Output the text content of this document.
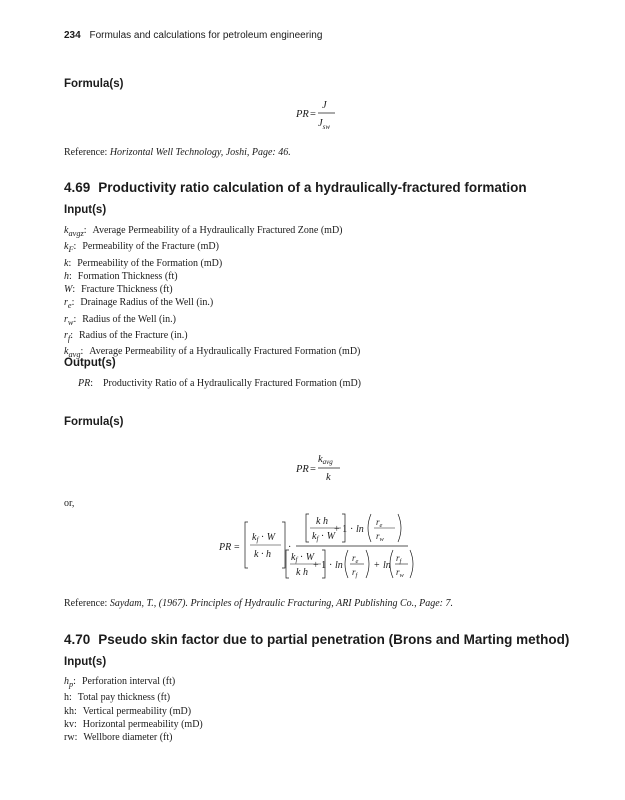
234 Formulas and calculations for petroleum engineering
Formula(s)
PR =
J
$J_{sw}$
Reference: Horizontal Well Technology, Joshi, Page: 46.
4.69 Productivity ratio calculation of a hydraulically-fractured formation
Input(s)
$k_{avgz}$: Average Permeability of a Hydraulically Fractured Zone (mD)
$k_F$: Permeability of the Fracture (mD)
k: Permeability of the Formation (mD)
h: Formation Thickness (ft)
W: Fracture Thickness (ft)
$r_e$: Drainage Radius of the Well (in.)
$r_w$: Radius of the Well (in.)
$r_f$: Radius of the Fracture (in.)
$k_{avg}$: Average Permeability of a Hydraulically Fractured Formation (mD)
Output(s)
PR: Productivity Ratio of a Hydraulically Fractured Formation (mD)
Formula(s)
PR =
kavg
k
or,
PR =
$k_f \cdot W$
k · h
·
k h
$k_f \cdot W$
+ 1 · ln
$r_e$
$r_w$
$k_f \cdot W$
k h
+ 1 · ln
$r_e$
$r_f$
+ ln
$r_f$
$r_w$
Reference: Saydam, T., (1967). Principles of Hydraulic Fracturing, ARI Publishing Co., Page: 7.
4.70 Pseudo skin factor due to partial penetration (Brons and Marting method)
Input(s)
$h_p$: Perforation interval (ft)
h: Total pay thickness (ft)
kh: Vertical permeability (mD)
kv: Horizontal permeability (mD)
rw: Wellbore diameter (ft)
